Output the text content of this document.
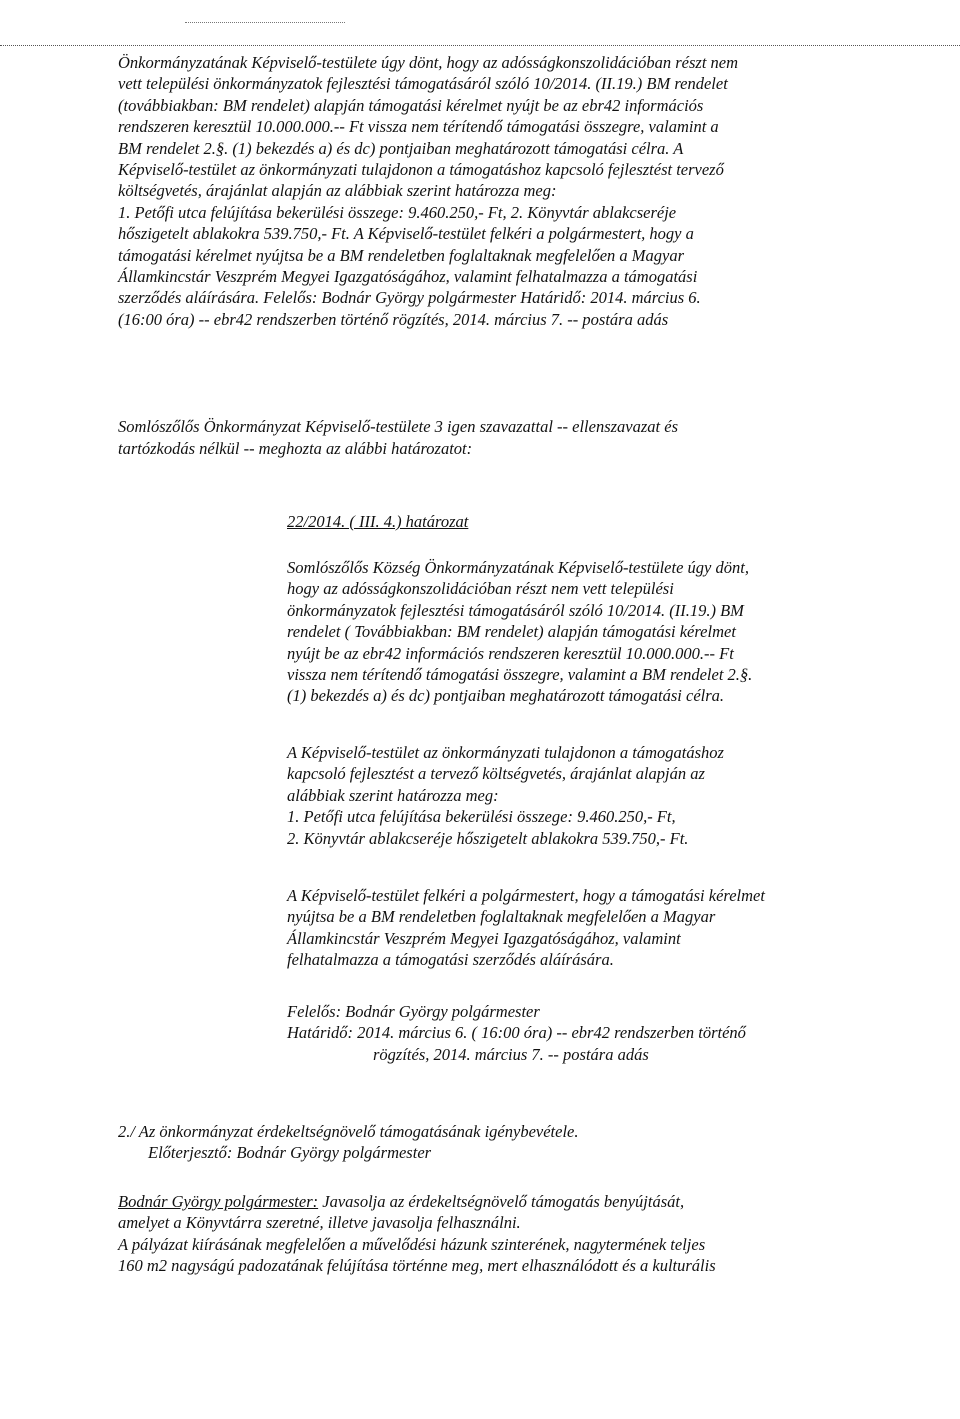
Önkormányzatának Képviselő-testülete úgy dönt, hogy az adósságkonszolidációban részt nem
vett települési önkormányzatok fejlesztési támogatásáról szóló 10/2014. (II.19.) BM rendelet
(továbbiakban: BM rendelet) alapján támogatási kérelmet nyújt be az ebr42 információs
rendszeren keresztül 10.000.000.-- Ft vissza nem térítendő támogatási összegre, valamint a
BM rendelet 2.§. (1) bekezdés a) és dc) pontjaiban meghatározott támogatási célra. A
Képviselő-testület az önkormányzati tulajdonon a támogatáshoz kapcsoló fejlesztést tervező
költségvetés, árajánlat alapján az alábbiak szerint határozza meg:
1. Petőfi utca felújítása bekerülési összege: 9.460.250,- Ft, 2. Könyvtár ablakcseréje
hőszigetelt ablakokra 539.750,- Ft. A Képviselő-testület felkéri a polgármestert, hogy a
támogatási kérelmet nyújtsa be a BM rendeletben foglaltaknak megfelelően a Magyar
Államkincstár Veszprém Megyei Igazgatóságához, valamint felhatalmazza a támogatási
szerződés aláírására. Felelős: Bodnár György polgármester Határidő: 2014. március 6.
(16:00 óra) -- ebr42 rendszerben történő rögzítés, 2014. március 7. -- postára adás
Somlószőlős Önkormányzat Képviselő-testülete 3 igen szavazattal -- ellenszavazat és
tartózkodás nélkül -- meghozta az alábbi határozatot:
22/2014. ( III. 4.) határozat
Somlószőlős Község Önkormányzatának Képviselő-testülete úgy dönt,
hogy az adósságkonszolidációban részt nem vett települési
önkormányzatok fejlesztési támogatásáról szóló 10/2014. (II.19.) BM
rendelet ( Továbbiakban: BM rendelet) alapján támogatási kérelmet
nyújt be az ebr42 információs rendszeren keresztül 10.000.000.-- Ft
vissza nem térítendő támogatási összegre, valamint a BM rendelet 2.§.
(1) bekezdés a) és dc) pontjaiban meghatározott támogatási célra.
A Képviselő-testület az önkormányzati tulajdonon a támogatáshoz
kapcsoló fejlesztést a tervező költségvetés, árajánlat alapján az
alábbiak szerint határozza meg:
1. Petőfi utca felújítása bekerülési összege: 9.460.250,- Ft,
2. Könyvtár ablakcseréje hőszigetelt ablakokra 539.750,- Ft.
A Képviselő-testület felkéri a polgármestert, hogy a támogatási kérelmet
nyújtsa be a BM rendeletben foglaltaknak megfelelően a Magyar
Államkincstár Veszprém Megyei Igazgatóságához, valamint
felhatalmazza a támogatási szerződés aláírására.
Felelős: Bodnár György polgármester
Határidő: 2014. március 6. ( 16:00 óra) -- ebr42 rendszerben történő
rögzítés, 2014. március 7. -- postára adás
2./ Az önkormányzat érdekeltségnövelő támogatásának igénybevétele.
Előterjesztő: Bodnár György polgármester
Bodnár György polgármester: Javasolja az érdekeltségnövelő támogatás benyújtását,
amelyet a Könyvtárra szeretné, illetve javasolja felhasználni.
A pályázat kiírásának megfelelően a művelődési házunk szinterének, nagytermének teljes
160 m2 nagyságú padozatának felújítása történne meg, mert elhasználódott és a kulturális
